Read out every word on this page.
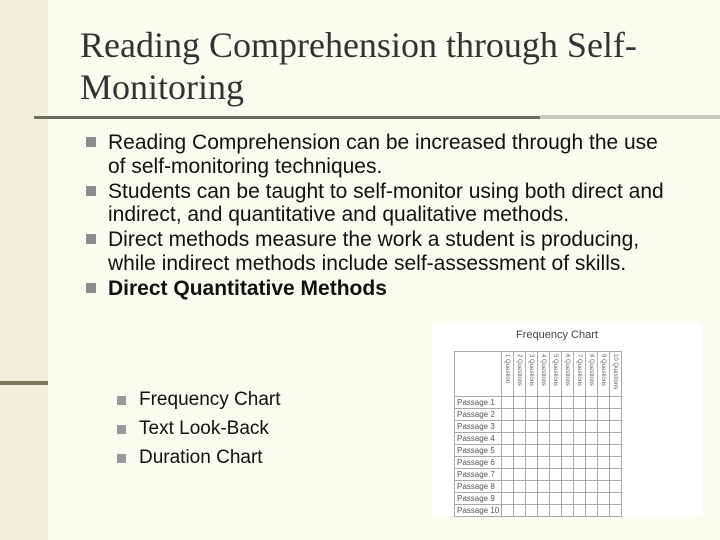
Reading Comprehension through Self-Monitoring
Reading Comprehension can be increased through the use of self-monitoring techniques.
Students can be taught to self-monitor using both direct and indirect, and quantitative and qualitative methods.
Direct methods measure the work a student is producing, while indirect methods include self-assessment of skills.
Direct Quantitative Methods
Frequency Chart
Text Look-Back
Duration Chart
Frequency Chart

	1 Question	2 Questions	3 Questions	4 Questions	5 Questions	6 Questions	7 Questions	8 Questions	9 Questions	10 Questions

Passage 1										
Passage 2										
Passage 3										
Passage 4										
Passage 5										
Passage 6										
Passage 7										
Passage 8										
Passage 9										
Passage 10										
